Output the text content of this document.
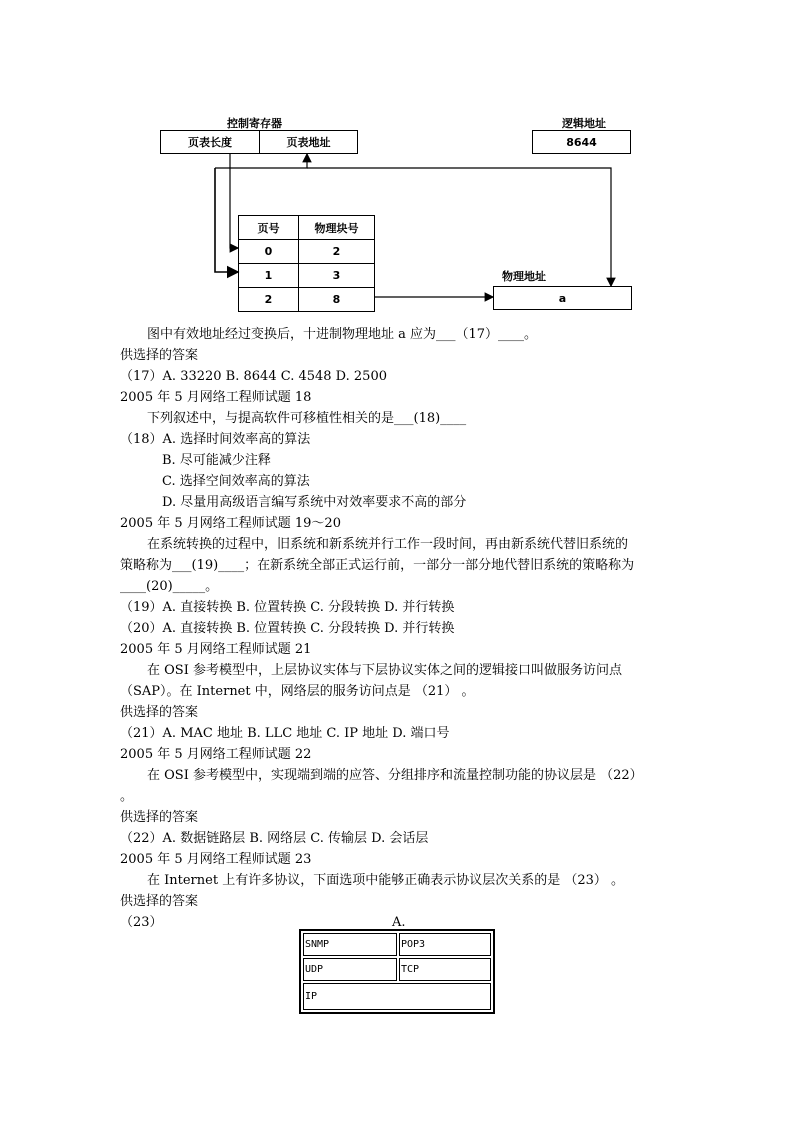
控制寄存器
页表长度	页表地址
逻辑地址
8644
页号	物理块号
0	2
1	3
2	8
物理地址
a
图中有效地址经过变换后，十进制物理地址 a 应为___（17）____。
供选择的答案
（17）A. 33220 B. 8644 C. 4548 D. 2500
2005 年 5 月网络工程师试题 18
下列叙述中，与提高软件可移植性相关的是___(18)____
（18）A. 选择时间效率高的算法
B. 尽可能减少注释
C. 选择空间效率高的算法
D. 尽量用高级语言编写系统中对效率要求不高的部分
2005 年 5 月网络工程师试题 19～20
在系统转换的过程中，旧系统和新系统并行工作一段时间，再由新系统代替旧系统的
策略称为___(19)____；在新系统全部正式运行前，一部分一部分地代替旧系统的策略称为
____(20)_____。
（19）A. 直接转换 B. 位置转换 C. 分段转换 D. 并行转换
（20）A. 直接转换 B. 位置转换 C. 分段转换 D. 并行转换
2005 年 5 月网络工程师试题 21
在 OSI 参考模型中，上层协议实体与下层协议实体之间的逻辑接口叫做服务访问点
（SAP）。在 Internet 中，网络层的服务访问点是 （21） 。
供选择的答案
（21）A. MAC 地址 B. LLC 地址 C. IP 地址 D. 端口号
2005 年 5 月网络工程师试题 22
在 OSI 参考模型中，实现端到端的应答、分组排序和流量控制功能的协议层是 （22）
。
供选择的答案
（22）A. 数据链路层 B. 网络层 C. 传输层 D. 会话层
2005 年 5 月网络工程师试题 23
在 Internet 上有许多协议，下面选项中能够正确表示协议层次关系的是 （23） 。
供选择的答案
（23）	A.
SNMP	POP3
UDP	TCP
IP	
